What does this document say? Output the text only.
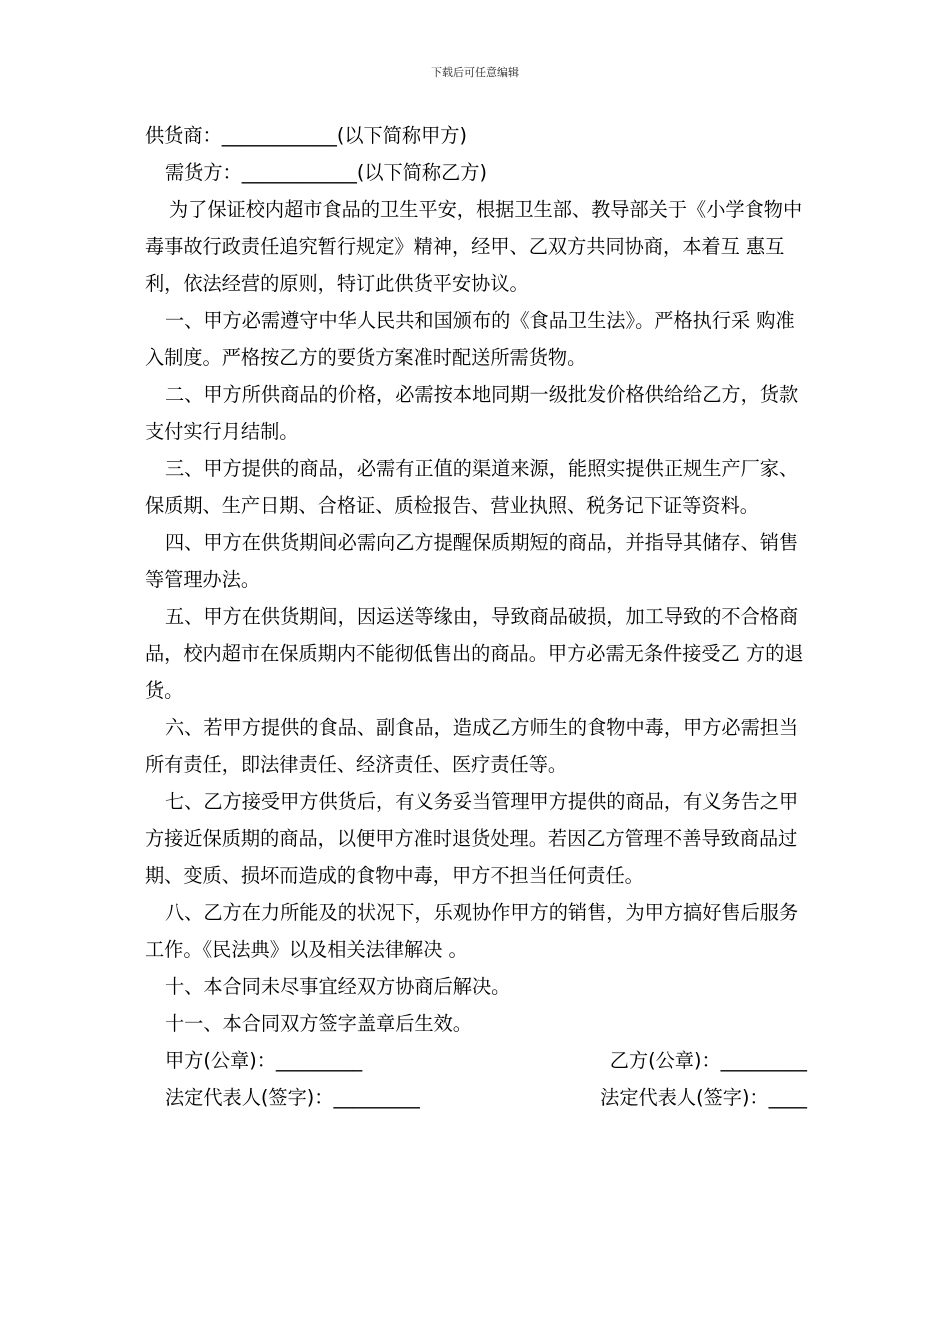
下载后可任意编辑

供货商：____________(以下简称甲方)

需货方：____________(以下简称乙方)

为了保证校内超市食品的卫生平安，根据卫生部、教导部关于《小学食物中毒事故行政责任追究暂行规定》精神，经甲、乙双方共同协商，本着互 惠互利，依法经营的原则，特订此供货平安协议。

一、甲方必需遵守中华人民共和国颁布的《食品卫生法》。严格执行采 购准入制度。严格按乙方的要货方案准时配送所需货物。

二、甲方所供商品的价格，必需按本地同期一级批发价格供给给乙方，货款支付实行月结制。

三、甲方提供的商品，必需有正值的渠道来源，能照实提供正规生产厂家、保质期、生产日期、合格证、质检报告、营业执照、税务记下证等资料。

四、甲方在供货期间必需向乙方提醒保质期短的商品，并指导其储存、销售等管理办法。

五、甲方在供货期间，因运送等缘由，导致商品破损，加工导致的不合格商品，校内超市在保质期内不能彻低售出的商品。甲方必需无条件接受乙 方的退货。

六、若甲方提供的食品、副食品，造成乙方师生的食物中毒，甲方必需担当所有责任，即法律责任、经济责任、医疗责任等。

七、乙方接受甲方供货后，有义务妥当管理甲方提供的商品，有义务告之甲方接近保质期的商品，以便甲方准时退货处理。若因乙方管理不善导致商品过期、变质、损坏而造成的食物中毒，甲方不担当任何责任。

八、乙方在力所能及的状况下，乐观协作甲方的销售，为甲方搞好售后服务工作。《民法典》以及相关法律解决 。

十、本合同未尽事宜经双方协商后解决。

十一、本合同双方签字盖章后生效。

甲方(公章)：_________	乙方(公章)：_________
法定代表人(签字)：_________	法定代表人(签字)：____
